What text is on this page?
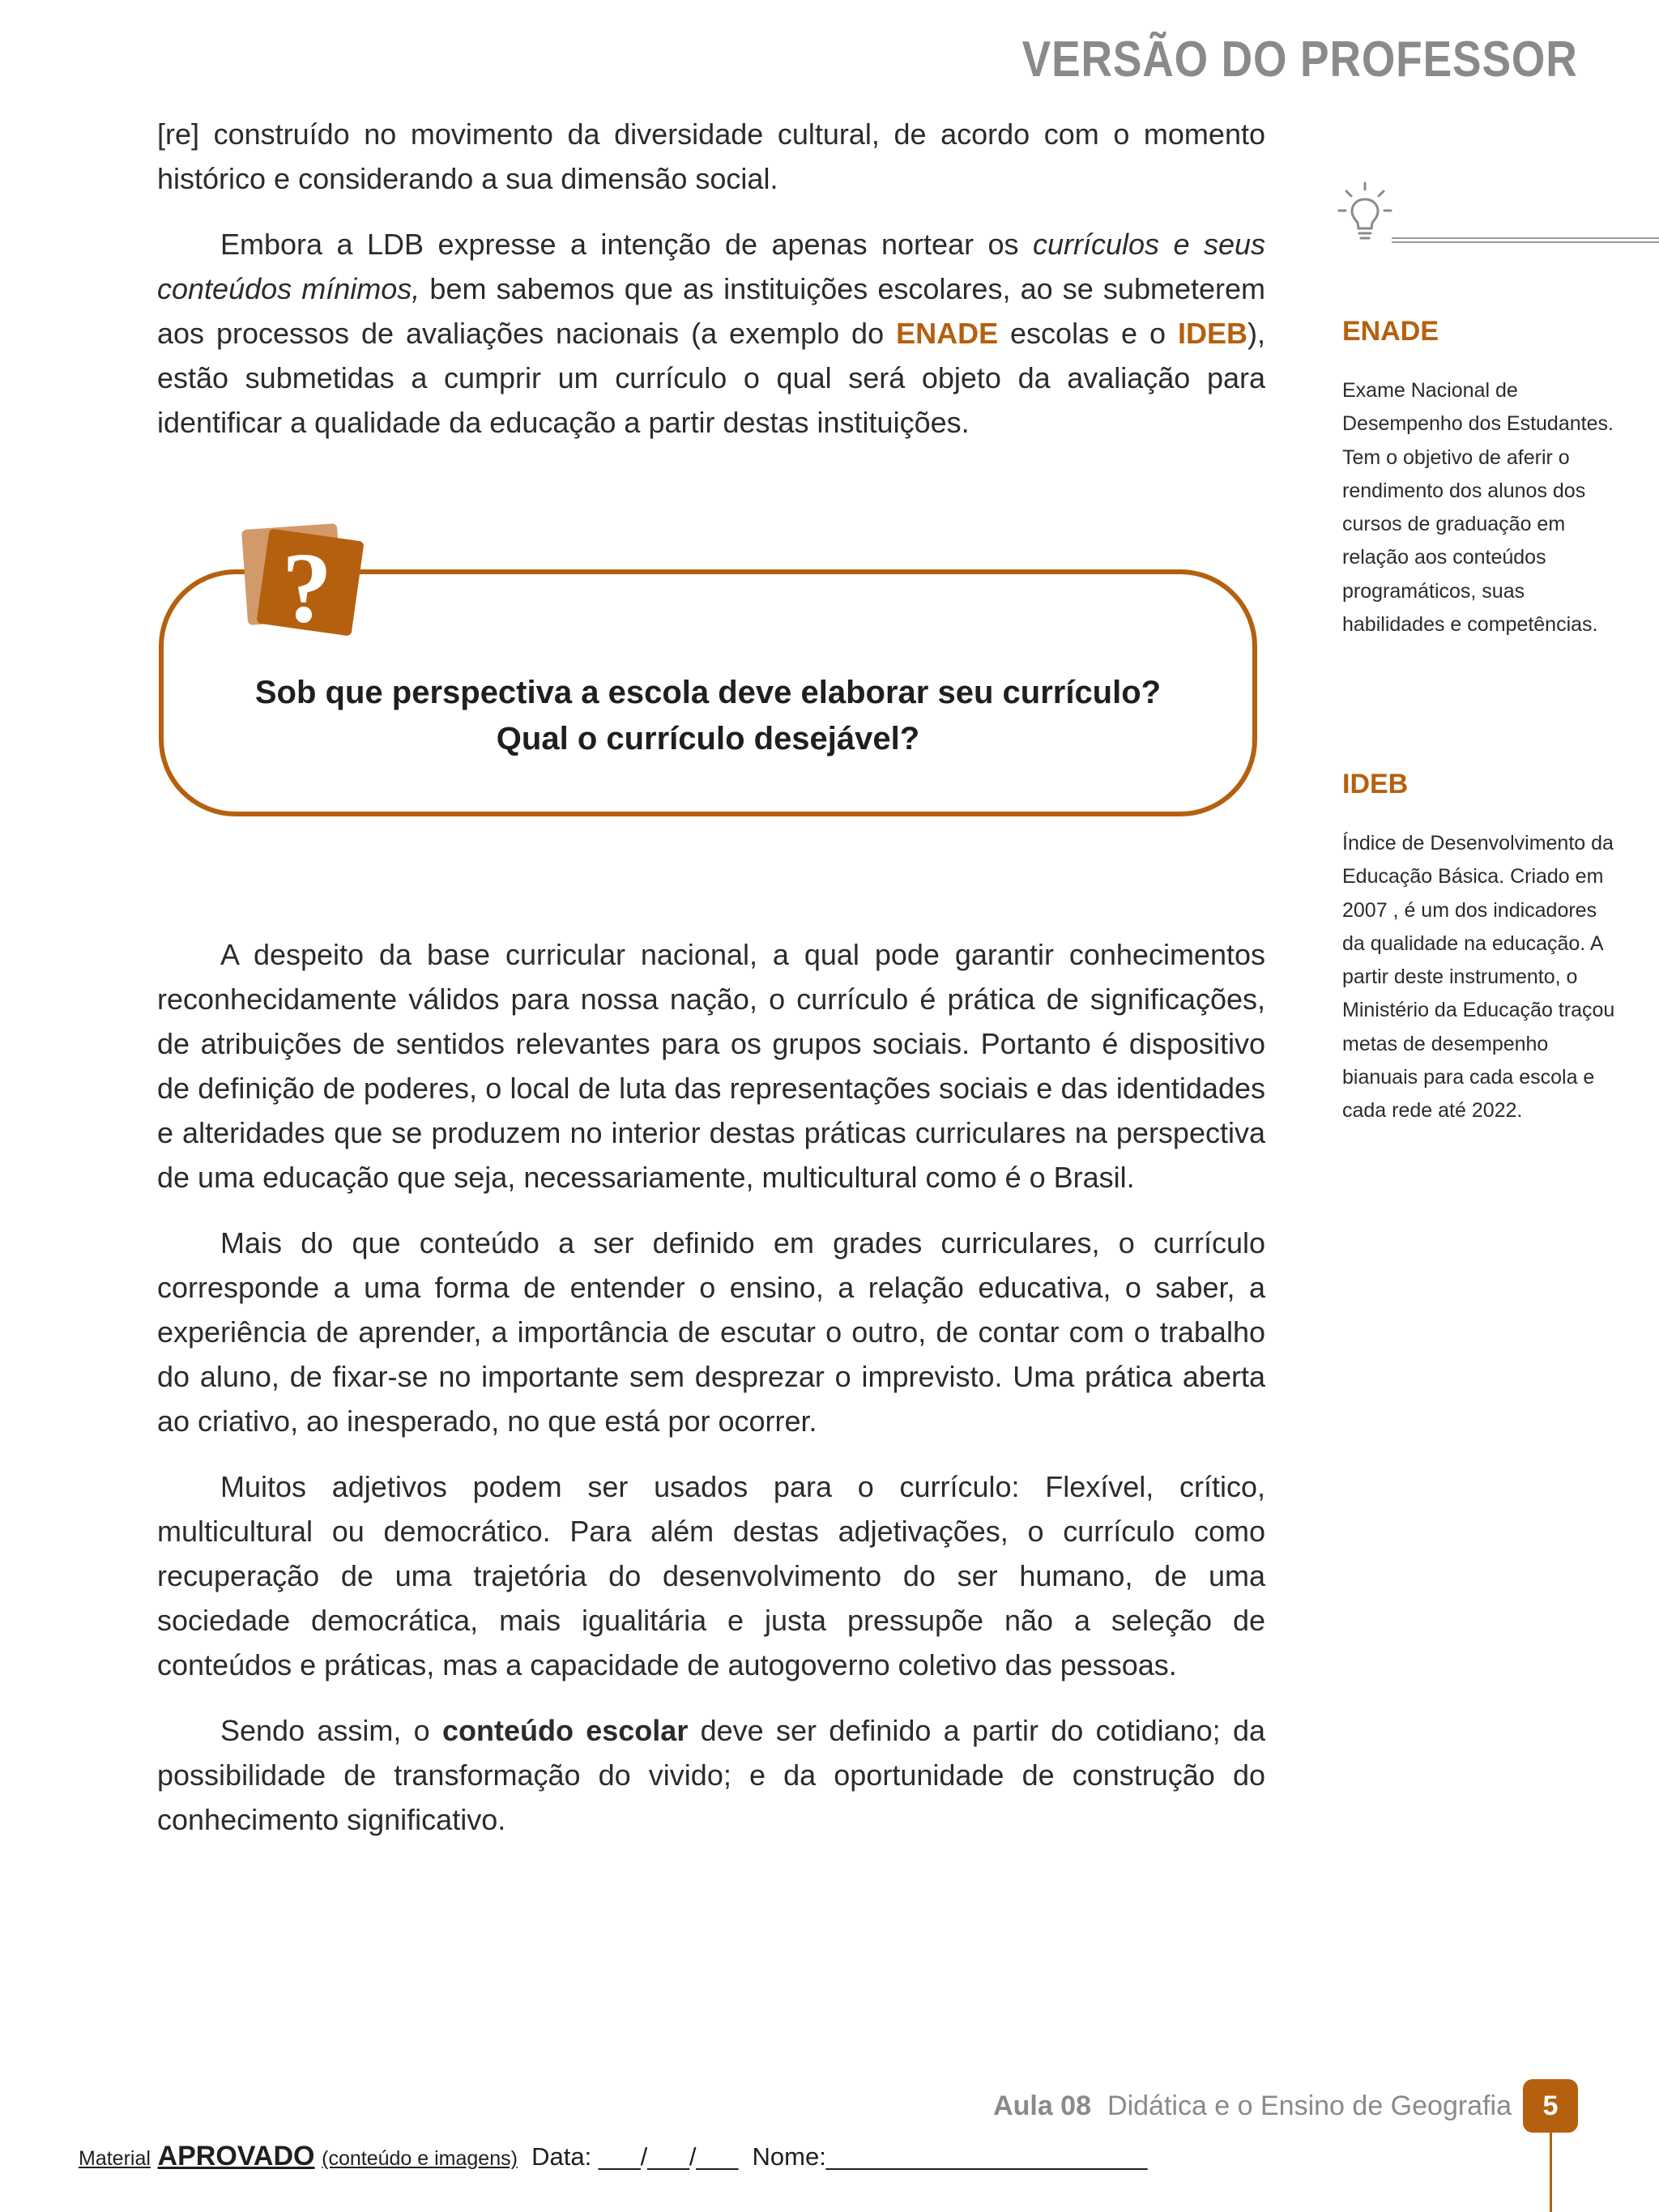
VERSÃO DO PROFESSOR

[re] construído no movimento da diversidade cultural, de acordo com o momento histórico e considerando a sua dimensão social.

Embora a LDB expresse a intenção de apenas nortear os currículos e seus conteúdos mínimos, bem sabemos que as instituições escolares, ao se submeterem aos processos de avaliações nacionais (a exemplo do ENADE escolas e o IDEB), estão submetidas a cumprir um currículo o qual será objeto da avaliação para identificar a qualidade da educação a partir destas instituições.

?
Sob que perspectiva a escola deve elaborar seu currículo?
Qual o currículo desejável?

A despeito da base curricular nacional, a qual pode garantir conhecimentos reconhecidamente válidos para nossa nação, o currículo é prática de significações, de atribuições de sentidos relevantes para os grupos sociais. Portanto é dispositivo de definição de poderes, o local de luta das representações sociais e das identidades e alteridades que se produzem no interior destas práticas curriculares na perspectiva de uma educação que seja, necessariamente, multicultural como é o Brasil.

Mais do que conteúdo a ser definido em grades curriculares, o currículo corresponde a uma forma de entender o ensino, a relação educativa, o saber, a experiência de aprender, a importância de escutar o outro, de contar com o trabalho do aluno, de fixar-se no importante sem desprezar o imprevisto. Uma prática aberta ao criativo, ao inesperado, no que está por ocorrer.

Muitos adjetivos podem ser usados para o currículo: Flexível, crítico, multicultural ou democrático. Para além destas adjetivações, o currículo como recuperação de uma trajetória do desenvolvimento do ser humano, de uma sociedade democrática, mais igualitária e justa pressupõe não a seleção de conteúdos e práticas, mas a capacidade de autogoverno coletivo das pessoas.

Sendo assim, o conteúdo escolar deve ser definido a partir do cotidiano; da possibilidade de transformação do vivido; e da oportunidade de construção do conhecimento significativo.

ENADE
Exame Nacional de Desempenho dos Estudantes. Tem o objetivo de aferir o rendimento dos alunos dos cursos de graduação em relação aos conteúdos programáticos, suas habilidades e competências.
IDEB
Índice de Desenvolvimento da Educação Básica. Criado em 2007 , é um dos indicadores da qualidade na educação. A partir deste instrumento, o Ministério da Educação traçou metas de desempenho bianuais para cada escola e cada rede até 2022.
Aula 08 Didática e o Ensino de Geografia	5
Material APROVADO (conteúdo e imagens) Data: ___/___/___ Nome:_______________________
